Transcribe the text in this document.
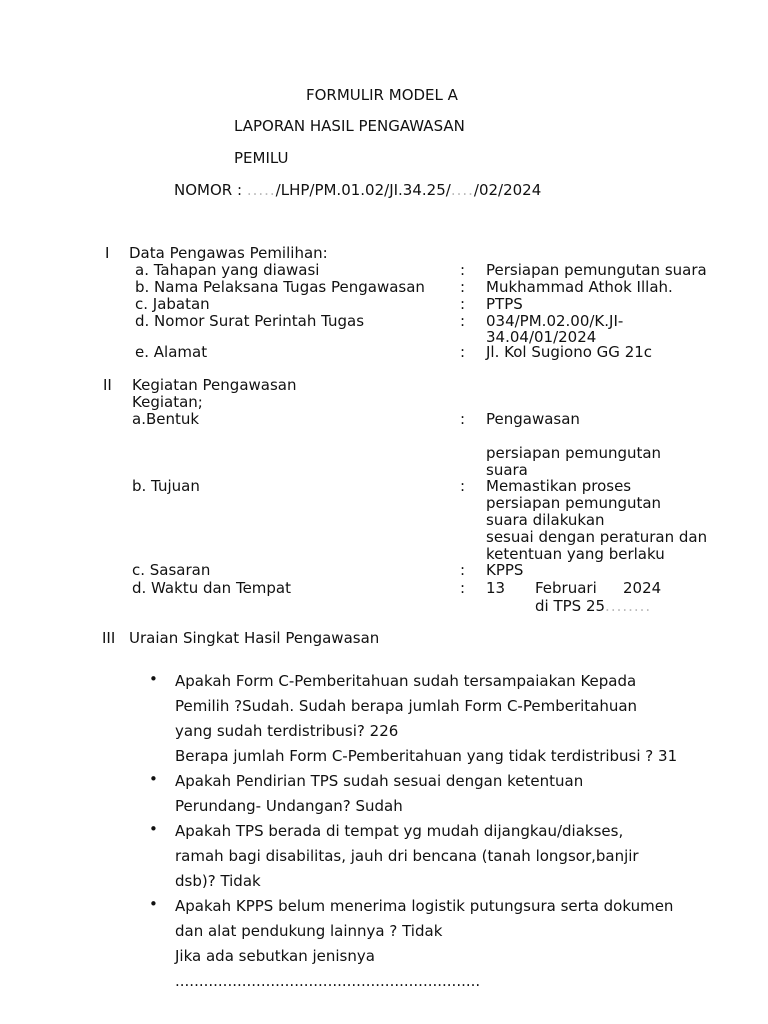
FORMULIR MODEL A
LAPORAN HASIL PENGAWASAN
PEMILU
NOMOR : ...../LHP/PM.01.02/JI.34.25/..../02/2024
I Data Pengawas Pemilihan:
a. Tahapan yang diawasi	: Persiapan pemungutan suara
b. Nama Pelaksana Tugas Pengawasan : Mukhammad Athok Illah.
c. Jabatan	: PTPS
d. Nomor Surat Perintah Tugas	: 034/PM.02.00/K.JI-
34.04/01/2024
e. Alamat	: Jl. Kol Sugiono GG 21c
II Kegiatan Pengawasan
Kegiatan;
a.Bentuk	: Pengawasan
persiapan pemungutan
suara
b. Tujuan	: Memastikan proses
persiapan pemungutan
suara dilakukan
sesuai dengan peraturan dan
ketentuan yang berlaku
c. Sasaran	: KPPS
d. Waktu dan Tempat	: 13 Februari 2024
di TPS 25........
III Uraian Singkat Hasil Pengawasan
• Apakah Form C-Pemberitahuan sudah tersampaiakan Kepada
Pemilih ?Sudah. Sudah berapa jumlah Form C-Pemberitahuan
yang sudah terdistribusi? 226
Berapa jumlah Form C-Pemberitahuan yang tidak terdistribusi ? 31
• Apakah Pendirian TPS sudah sesuai dengan ketentuan
Perundang- Undangan? Sudah
• Apakah TPS berada di tempat yg mudah dijangkau/diakses,
ramah bagi disabilitas, jauh dri bencana (tanah longsor,banjir
dsb)? Tidak
• Apakah KPPS belum menerima logistik putungsura serta dokumen
dan alat pendukung lainnya ? Tidak
Jika ada sebutkan jenisnya
................................................................
